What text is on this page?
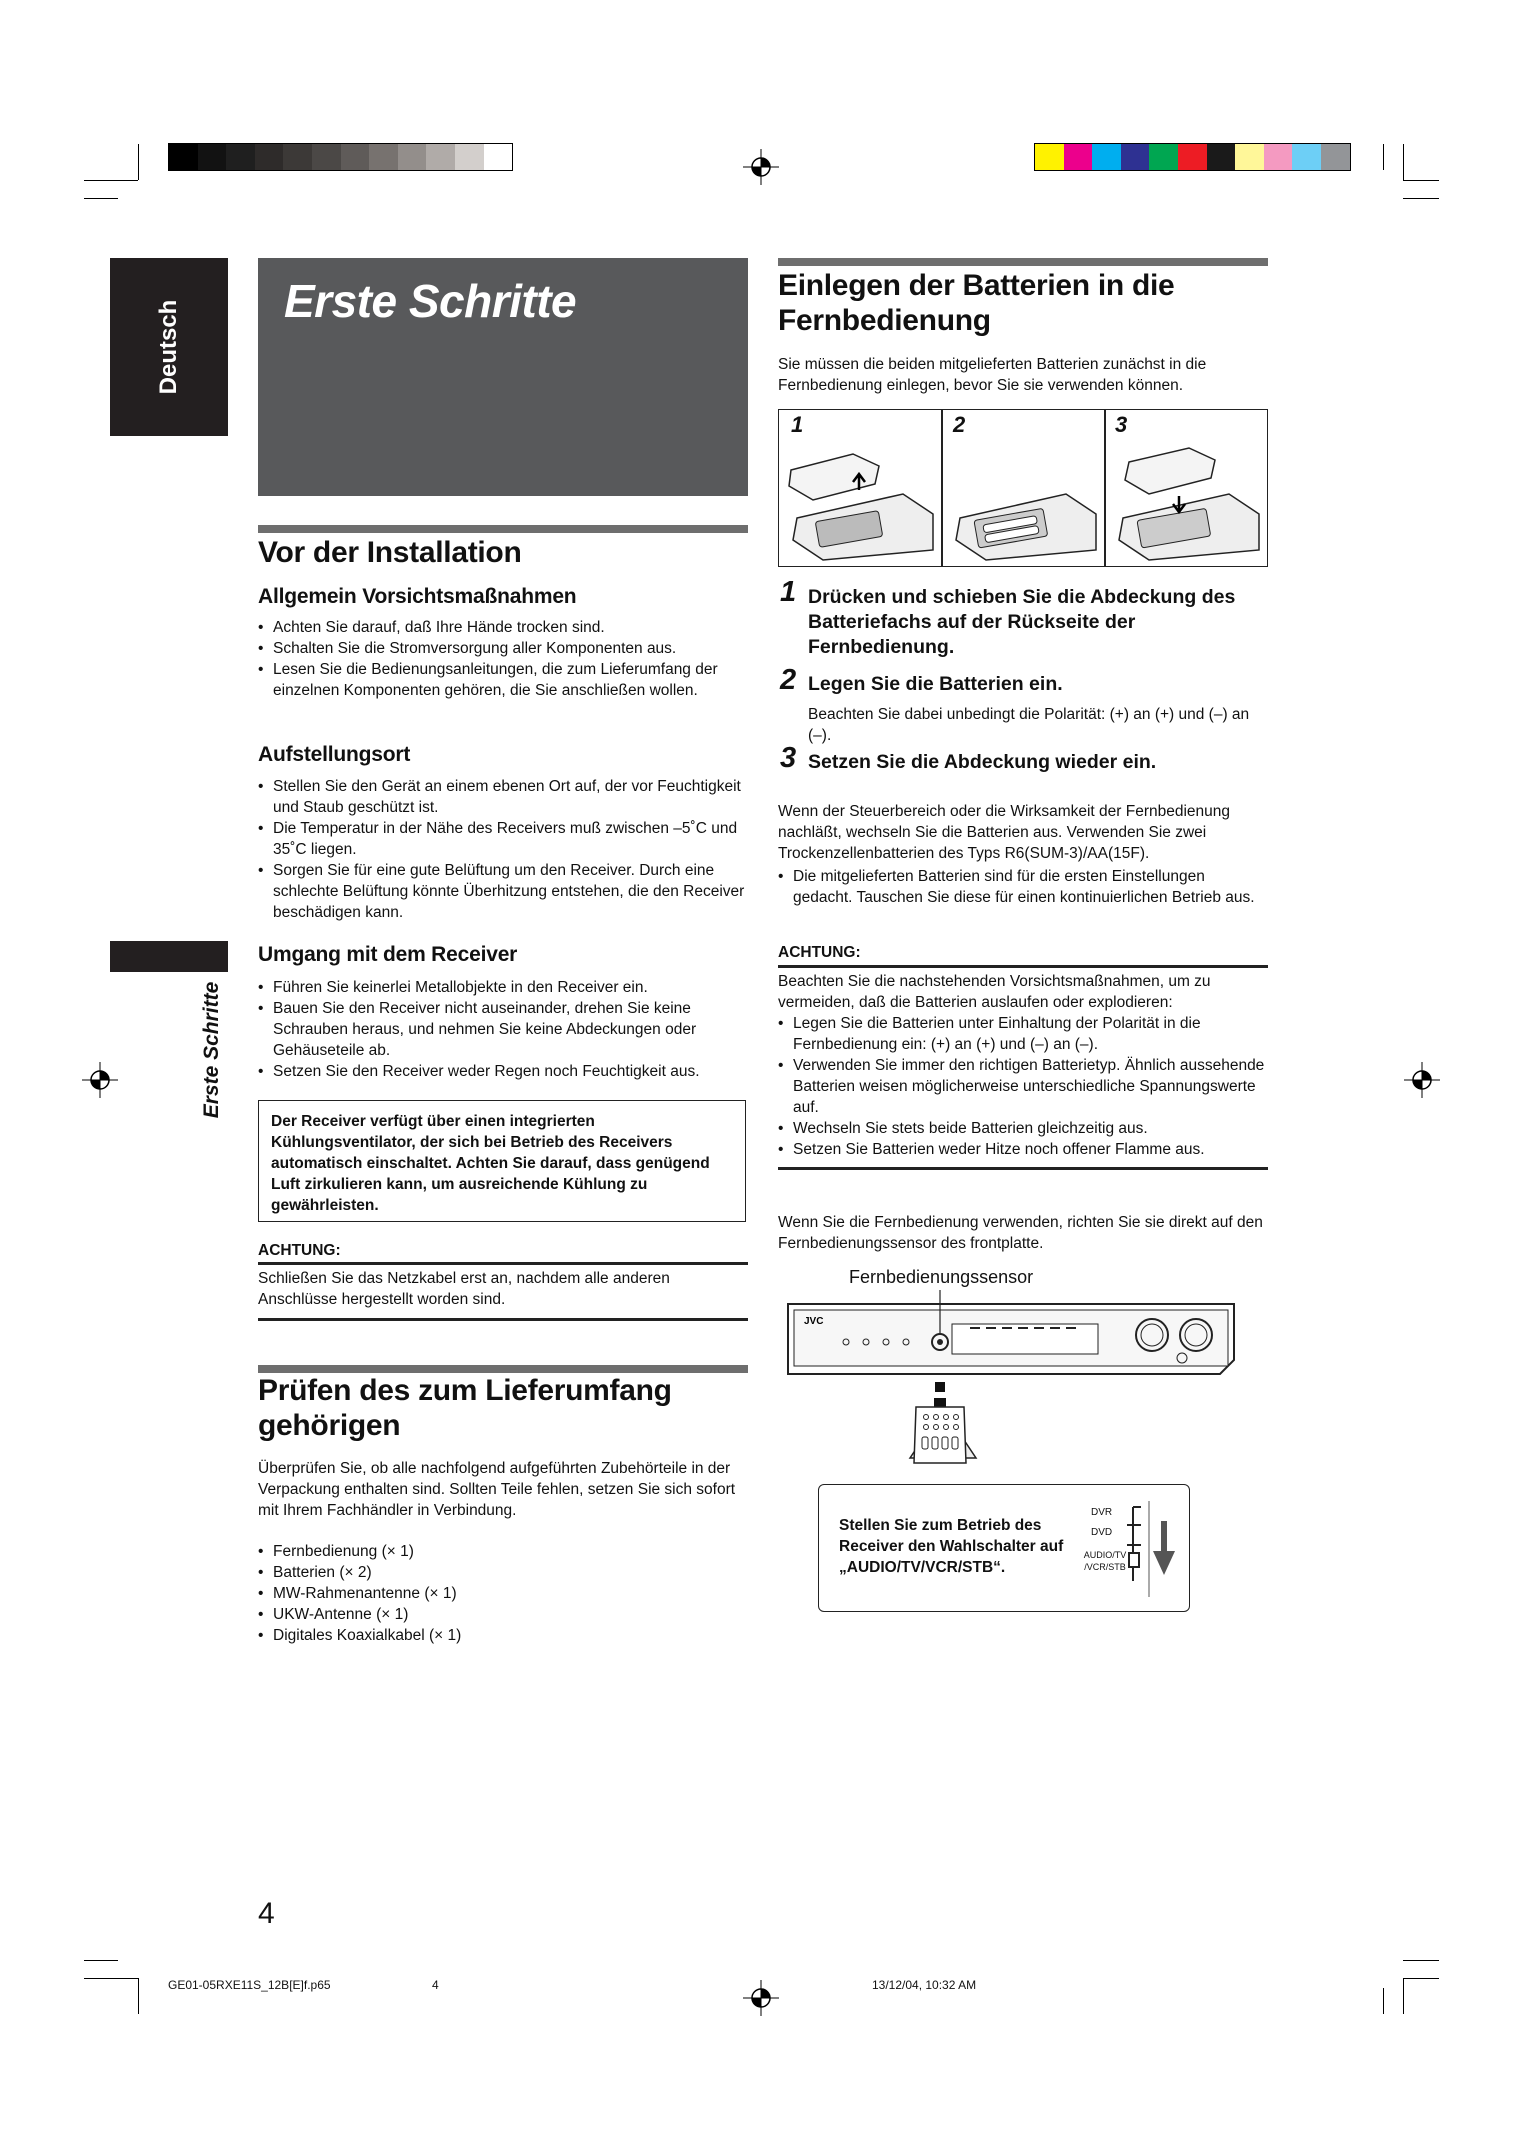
Deutsch
Erste Schritte
Erste Schritte
Vor der Installation
Allgemein Vorsichtsmaßnahmen
• Achten Sie darauf, daß Ihre Hände trocken sind.
• Schalten Sie die Stromversorgung aller Komponenten aus.
• Lesen Sie die Bedienungsanleitungen, die zum Lieferumfang der einzelnen Komponenten gehören, die Sie anschließen wollen.
Aufstellungsort
• Stellen Sie den Gerät an einem ebenen Ort auf, der vor Feuchtigkeit und Staub geschützt ist.
• Die Temperatur in der Nähe des Receivers muß zwischen –5˚C und 35˚C liegen.
• Sorgen Sie für eine gute Belüftung um den Receiver. Durch eine schlechte Belüftung könnte Überhitzung entstehen, die den Receiver beschädigen kann.
Umgang mit dem Receiver
• Führen Sie keinerlei Metallobjekte in den Receiver ein.
• Bauen Sie den Receiver nicht auseinander, drehen Sie keine Schrauben heraus, und nehmen Sie keine Abdeckungen oder Gehäuseteile ab.
• Setzen Sie den Receiver weder Regen noch Feuchtigkeit aus.
Der Receiver verfügt über einen integrierten Kühlungsventilator, der sich bei Betrieb des Receivers automatisch einschaltet. Achten Sie darauf, dass genügend Luft zirkulieren kann, um ausreichende Kühlung zu gewährleisten.
ACHTUNG:
Schließen Sie das Netzkabel erst an, nachdem alle anderen Anschlüsse hergestellt worden sind.
Prüfen des zum Lieferumfang gehörigen
Überprüfen Sie, ob alle nachfolgend aufgeführten Zubehörteile in der Verpackung enthalten sind. Sollten Teile fehlen, setzen Sie sich sofort mit Ihrem Fachhändler in Verbindung.
• Fernbedienung (× 1)
• Batterien (× 2)
• MW-Rahmenantenne (× 1)
• UKW-Antenne (× 1)
• Digitales Koaxialkabel (× 1)
Einlegen der Batterien in die Fernbedienung
Sie müssen die beiden mitgelieferten Batterien zunächst in die Fernbedienung einlegen, bevor Sie sie verwenden können.
1	2	3
1 Drücken und schieben Sie die Abdeckung des Batteriefachs auf der Rückseite der Fernbedienung.
2 Legen Sie die Batterien ein.
Beachten Sie dabei unbedingt die Polarität: (+) an (+) und (–) an (–).
3 Setzen Sie die Abdeckung wieder ein.
Wenn der Steuerbereich oder die Wirksamkeit der Fernbedienung nachläßt, wechseln Sie die Batterien aus. Verwenden Sie zwei Trockenzellenbatterien des Typs R6(SUM-3)/AA(15F).
• Die mitgelieferten Batterien sind für die ersten Einstellungen gedacht. Tauschen Sie diese für einen kontinuierlichen Betrieb aus.
ACHTUNG:
Beachten Sie die nachstehenden Vorsichtsmaßnahmen, um zu vermeiden, daß die Batterien auslaufen oder explodieren:
• Legen Sie die Batterien unter Einhaltung der Polarität in die Fernbedienung ein: (+) an (+) und (–) an (–).
• Verwenden Sie immer den richtigen Batterietyp. Ähnlich aussehende Batterien weisen möglicherweise unterschiedliche Spannungswerte auf.
• Wechseln Sie stets beide Batterien gleichzeitig aus.
• Setzen Sie Batterien weder Hitze noch offener Flamme aus.
Wenn Sie die Fernbedienung verwenden, richten Sie sie direkt auf den Fernbedienungssensor des frontplatte.
Fernbedienungssensor
JVC
Stellen Sie zum Betrieb des Receiver den Wahlschalter auf „AUDIO/TV/VCR/STB“.
DVR
DVD
AUDIO/TV /VCR/STB
4
GE01-05RXE11S_12B[E]f.p65	4	13/12/04, 10:32 AM
